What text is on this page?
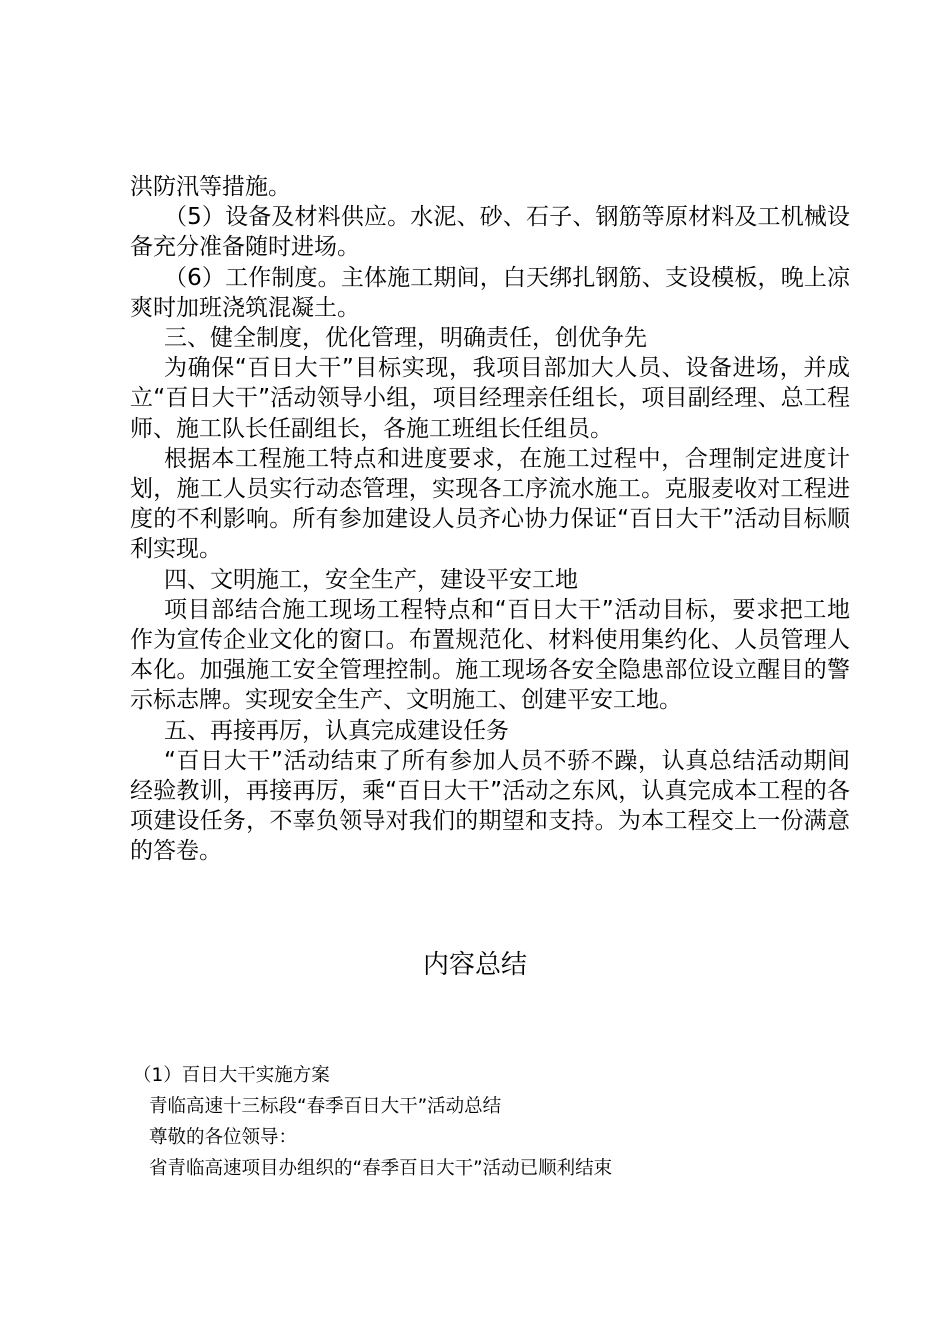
洪防汛等措施。

（5）设备及材料供应。水泥、砂、石子、钢筋等原材料及工机械设备充分准备随时进场。

（6）工作制度。主体施工期间，白天绑扎钢筋、支设模板，晚上凉爽时加班浇筑混凝土。

三、健全制度，优化管理，明确责任，创优争先

为确保“百日大干”目标实现，我项目部加大人员、设备进场，并成立“百日大干”活动领导小组，项目经理亲任组长，项目副经理、总工程师、施工队长任副组长，各施工班组长任组员。

根据本工程施工特点和进度要求，在施工过程中，合理制定进度计划，施工人员实行动态管理，实现各工序流水施工。克服麦收对工程进度的不利影响。所有参加建设人员齐心协力保证“百日大干”活动目标顺利实现。

四、文明施工，安全生产，建设平安工地

项目部结合施工现场工程特点和“百日大干”活动目标，要求把工地作为宣传企业文化的窗口。布置规范化、材料使用集约化、人员管理人本化。加强施工安全管理控制。施工现场各安全隐患部位设立醒目的警示标志牌。实现安全生产、文明施工、创建平安工地。

五、再接再厉，认真完成建设任务

“百日大干”活动结束了所有参加人员不骄不躁，认真总结活动期间经验教训，再接再厉，乘“百日大干”活动之东风，认真完成本工程的各项建设任务，不辜负领导对我们的期望和支持。为本工程交上一份满意的答卷。

内容总结

（1）百日大干实施方案

青临高速十三标段“春季百日大干”活动总结

尊敬的各位领导：

省青临高速项目办组织的“春季百日大干”活动已顺利结束
